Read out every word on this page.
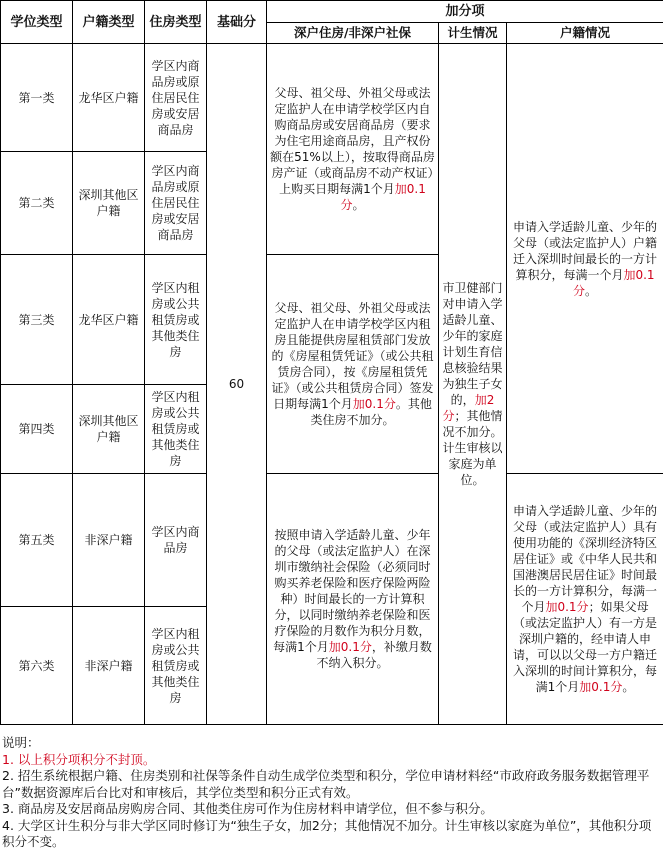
学位类型	户籍类型	住房类型	基础分	加分项		
				深户住房/非深户社保	计生情况	户籍情况
第一类	龙华区户籍	学区内商品房或原住居民住房或安居商品房	60	父母、祖父母、外祖父母或法定监护人在申请学校学区内自购商品房或安居商品房（要求为住宅用途商品房，且产权份额在51%以上），按取得商品房房产证（或商品房不动产权证）上购买日期每满1个月加0.1分。	市卫健部门对申请入学适龄儿童、少年的家庭计划生育信息核验结果为独生子女的，加2分；其他情况不加分。计生审核以家庭为单位。	申请入学适龄儿童、少年的父母（或法定监护人）户籍迁入深圳时间最长的一方计算积分，每满一个月加0.1分。
第二类	深圳其他区户籍	学区内商品房或原住居民住房或安居商品房				
第三类	龙华区户籍	学区内租房或公共租赁房或其他类住房		父母、祖父母、外祖父母或法定监护人在申请学校学区内租房且能提供房屋租赁部门发放的《房屋租赁凭证》（或公共租赁房合同），按《房屋租赁凭证》（或公共租赁房合同）签发日期每满1个月加0.1分。其他类住房不加分。		
第四类	深圳其他区户籍	学区内租房或公共租赁房或其他类住房				
第五类	非深户籍	学区内商品房		按照申请入学适龄儿童、少年的父母（或法定监护人）在深圳市缴纳社会保险（必须同时购买养老保险和医疗保险两险种）时间最长的一方计算积分，以同时缴纳养老保险和医疗保险的月数作为积分月数，每满1个月加0.1分，补缴月数不纳入积分。		申请入学适龄儿童、少年的父母（或法定监护人）具有使用功能的《深圳经济特区居住证》或《中华人民共和国港澳居民居住证》时间最长的一方计算积分，每满一个月加0.1分；如果父母（或法定监护人）有一方是深圳户籍的，经申请人申请，可以以父母一方户籍迁入深圳的时间计算积分，每满1个月加0.1分。
第六类	非深户籍	学区内租房或公共租赁房或其他类住房				

说明：

1. 以上积分项积分不封顶。

2. 招生系统根据户籍、住房类别和社保等条件自动生成学位类型和积分，学位申请材料经“市政府政务服务数据管理平台”数据资源库后台比对和审核后，其学位类型和积分正式有效。

3. 商品房及安居商品房购房合同、其他类住房可作为住房材料申请学位，但不参与积分。

4. 大学区计生积分与非大学区同时修订为“独生子女，加2分；其他情况不加分。计生审核以家庭为单位”，其他积分项积分不变。
